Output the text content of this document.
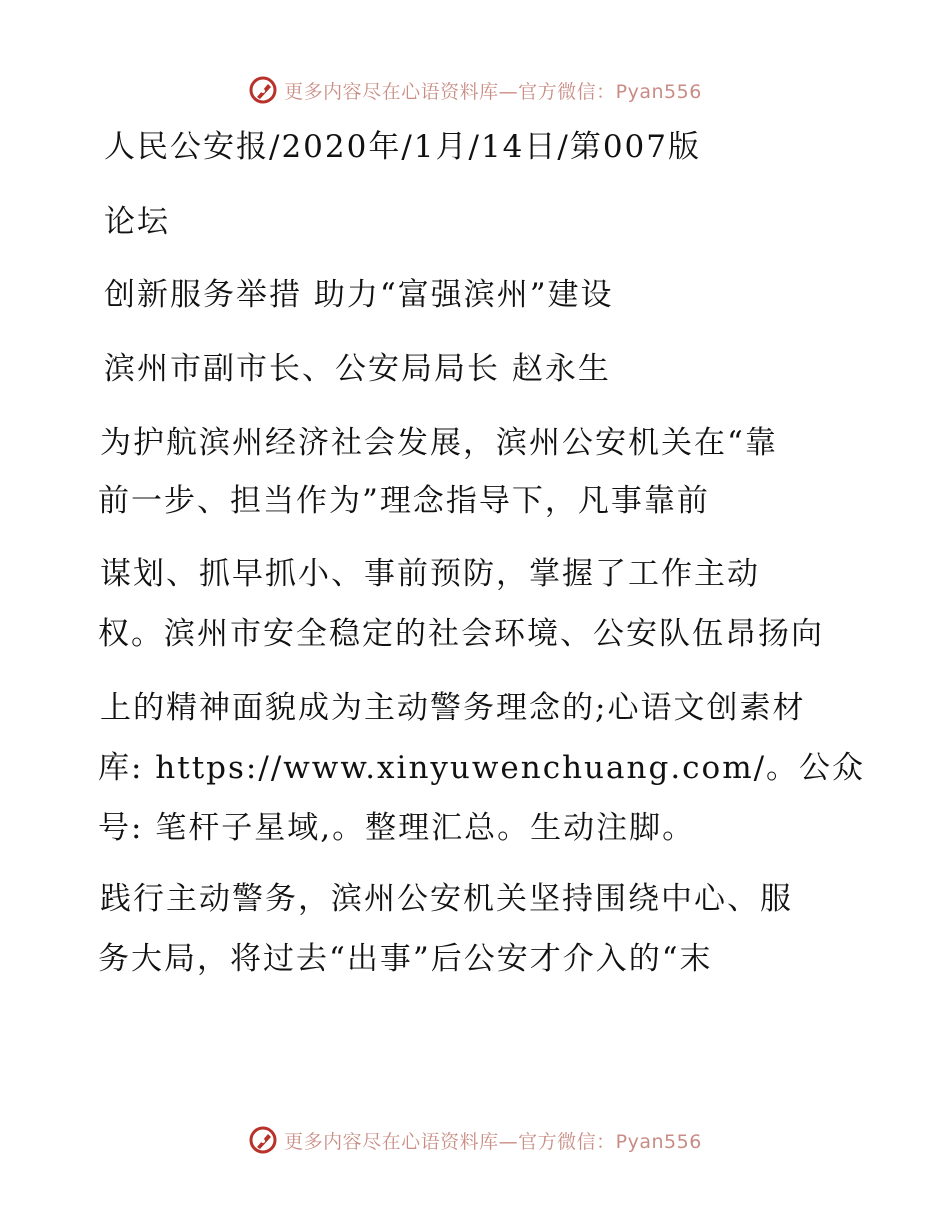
更多内容尽在心语资料库—官方微信：Pyan556
人民公安报/2020年/1月/14日/第007版
论坛
创新服务举措 助力“富强滨州”建设
滨州市副市长、公安局局长 赵永生
为护航滨州经济社会发展，滨州公安机关在“靠
前一步、担当作为”理念指导下，凡事靠前
谋划、抓早抓小、事前预防，掌握了工作主动
权。滨州市安全稳定的社会环境、公安队伍昂扬向
上的精神面貌成为主动警务理念的;心语文创素材
库: https://www.xinyuwenchuang.com/。公众
号: 笔杆子星域,。整理汇总。生动注脚。
践行主动警务，滨州公安机关坚持围绕中心、服
务大局，将过去“出事”后公安才介入的“末
更多内容尽在心语资料库—官方微信：Pyan556
